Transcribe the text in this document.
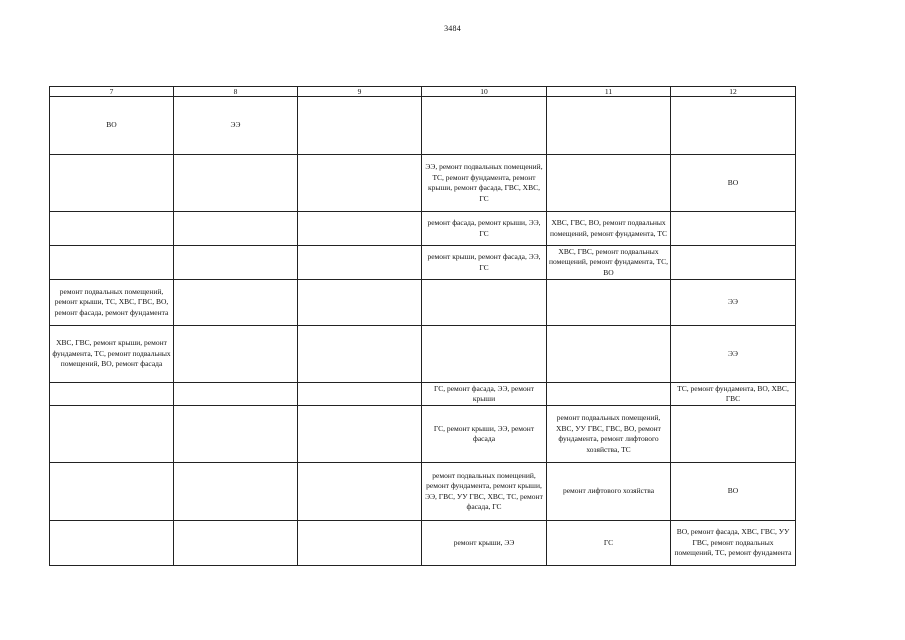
3484
7	8	9	10	11	12
ВО	ЭЭ				
			ЭЭ, ремонт подвальных помещений, ТС, ремонт фундамента, ремонт крыши, ремонт фасада, ГВС, ХВС, ГС		ВО
			ремонт фасада, ремонт крыши, ЭЭ, ГС	ХВС, ГВС, ВО, ремонт подвальных помещений, ремонт фундамента, ТС	
			ремонт крыши, ремонт фасада, ЭЭ, ГС	ХВС, ГВС, ремонт подвальных помещений, ремонт фундамента, ТС, ВО	
ремонт подвальных помещений, ремонт крыши, ТС, ХВС, ГВС, ВО, ремонт фасада, ремонт фундамента					ЭЭ
ХВС, ГВС, ремонт крыши, ремонт фундамента, ТС, ремонт подвальных помещений, ВО, ремонт фасада					ЭЭ
			ГС, ремонт фасада, ЭЭ, ремонт крыши		ТС, ремонт фундамента, ВО, ХВС, ГВС
			ГС, ремонт крыши, ЭЭ, ремонт фасада	ремонт подвальных помещений, ХВС, УУ ГВС, ГВС, ВО, ремонт фундамента, ремонт лифтового хозяйства, ТС	
			ремонт подвальных помещений, ремонт фундамента, ремонт крыши, ЭЭ, ГВС, УУ ГВС, ХВС, ТС, ремонт фасада, ГС	ремонт лифтового хозяйства	ВО
			ремонт крыши, ЭЭ	ГС	ВО, ремонт фасада, ХВС, ГВС, УУ ГВС, ремонт подвальных помещений, ТС, ремонт фундамента
